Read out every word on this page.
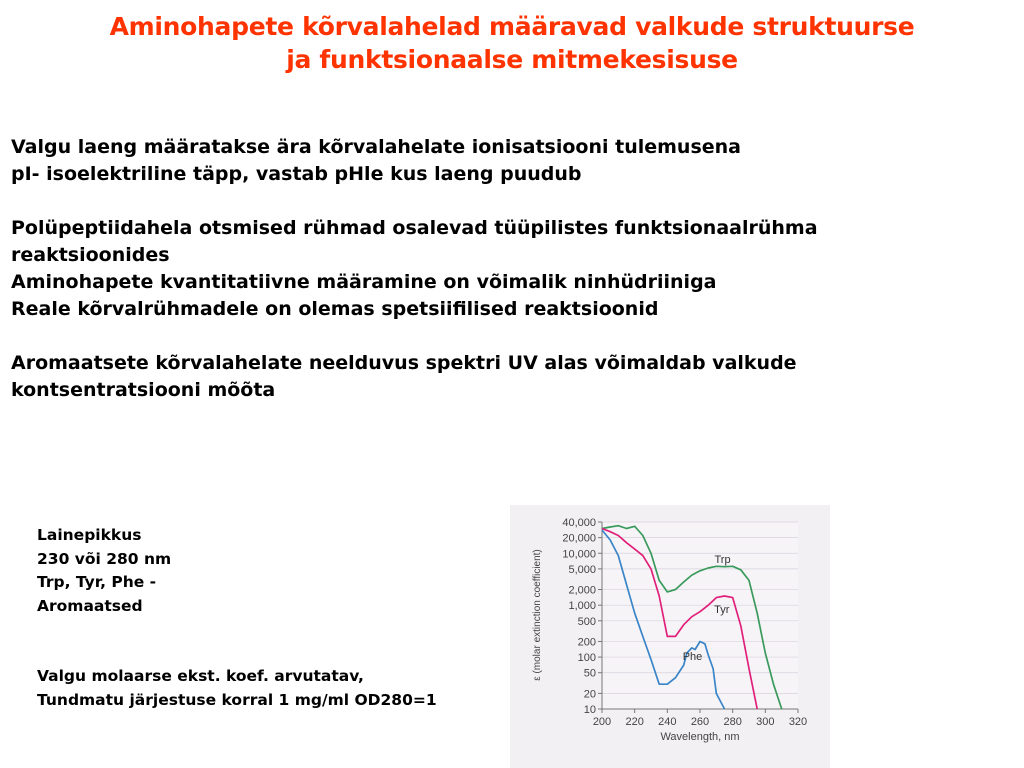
Aminohapete kõrvalahelad määravad valkude struktuurse
ja funktsionaalse mitmekesisuse

Valgu laeng määratakse ära kõrvalahelate ionisatsiooni tulemusena

pI- isoelektriline täpp, vastab pHle kus laeng puudub

Polüpeptiidahela otsmised rühmad osalevad tüüpilistes funktsionaalrühma reaktsioonides

Aminohapete kvantitatiivne määramine on võimalik ninhüdriiniga

Reale kõrvalrühmadele on olemas spetsiifilised reaktsioonid

Aromaatsete kõrvalahelate neelduvus spektri UV alas võimaldab valkude kontsentratsiooni mõõta

Lainepikkus

230 või 280 nm

Trp, Tyr, Phe -

Aromaatsed

Valgu molaarse ekst. koef. arvutatav,

Tundmatu järjestuse korral 1 mg/ml OD280=1

ε (molar extinction coefficient)
Wavelength, nm
40,000
20,000
10,000
5,000
2,000
1,000
500
200
100
50
20
10
200 220 240 260 280 300 320
Trp
Tyr
Phe
